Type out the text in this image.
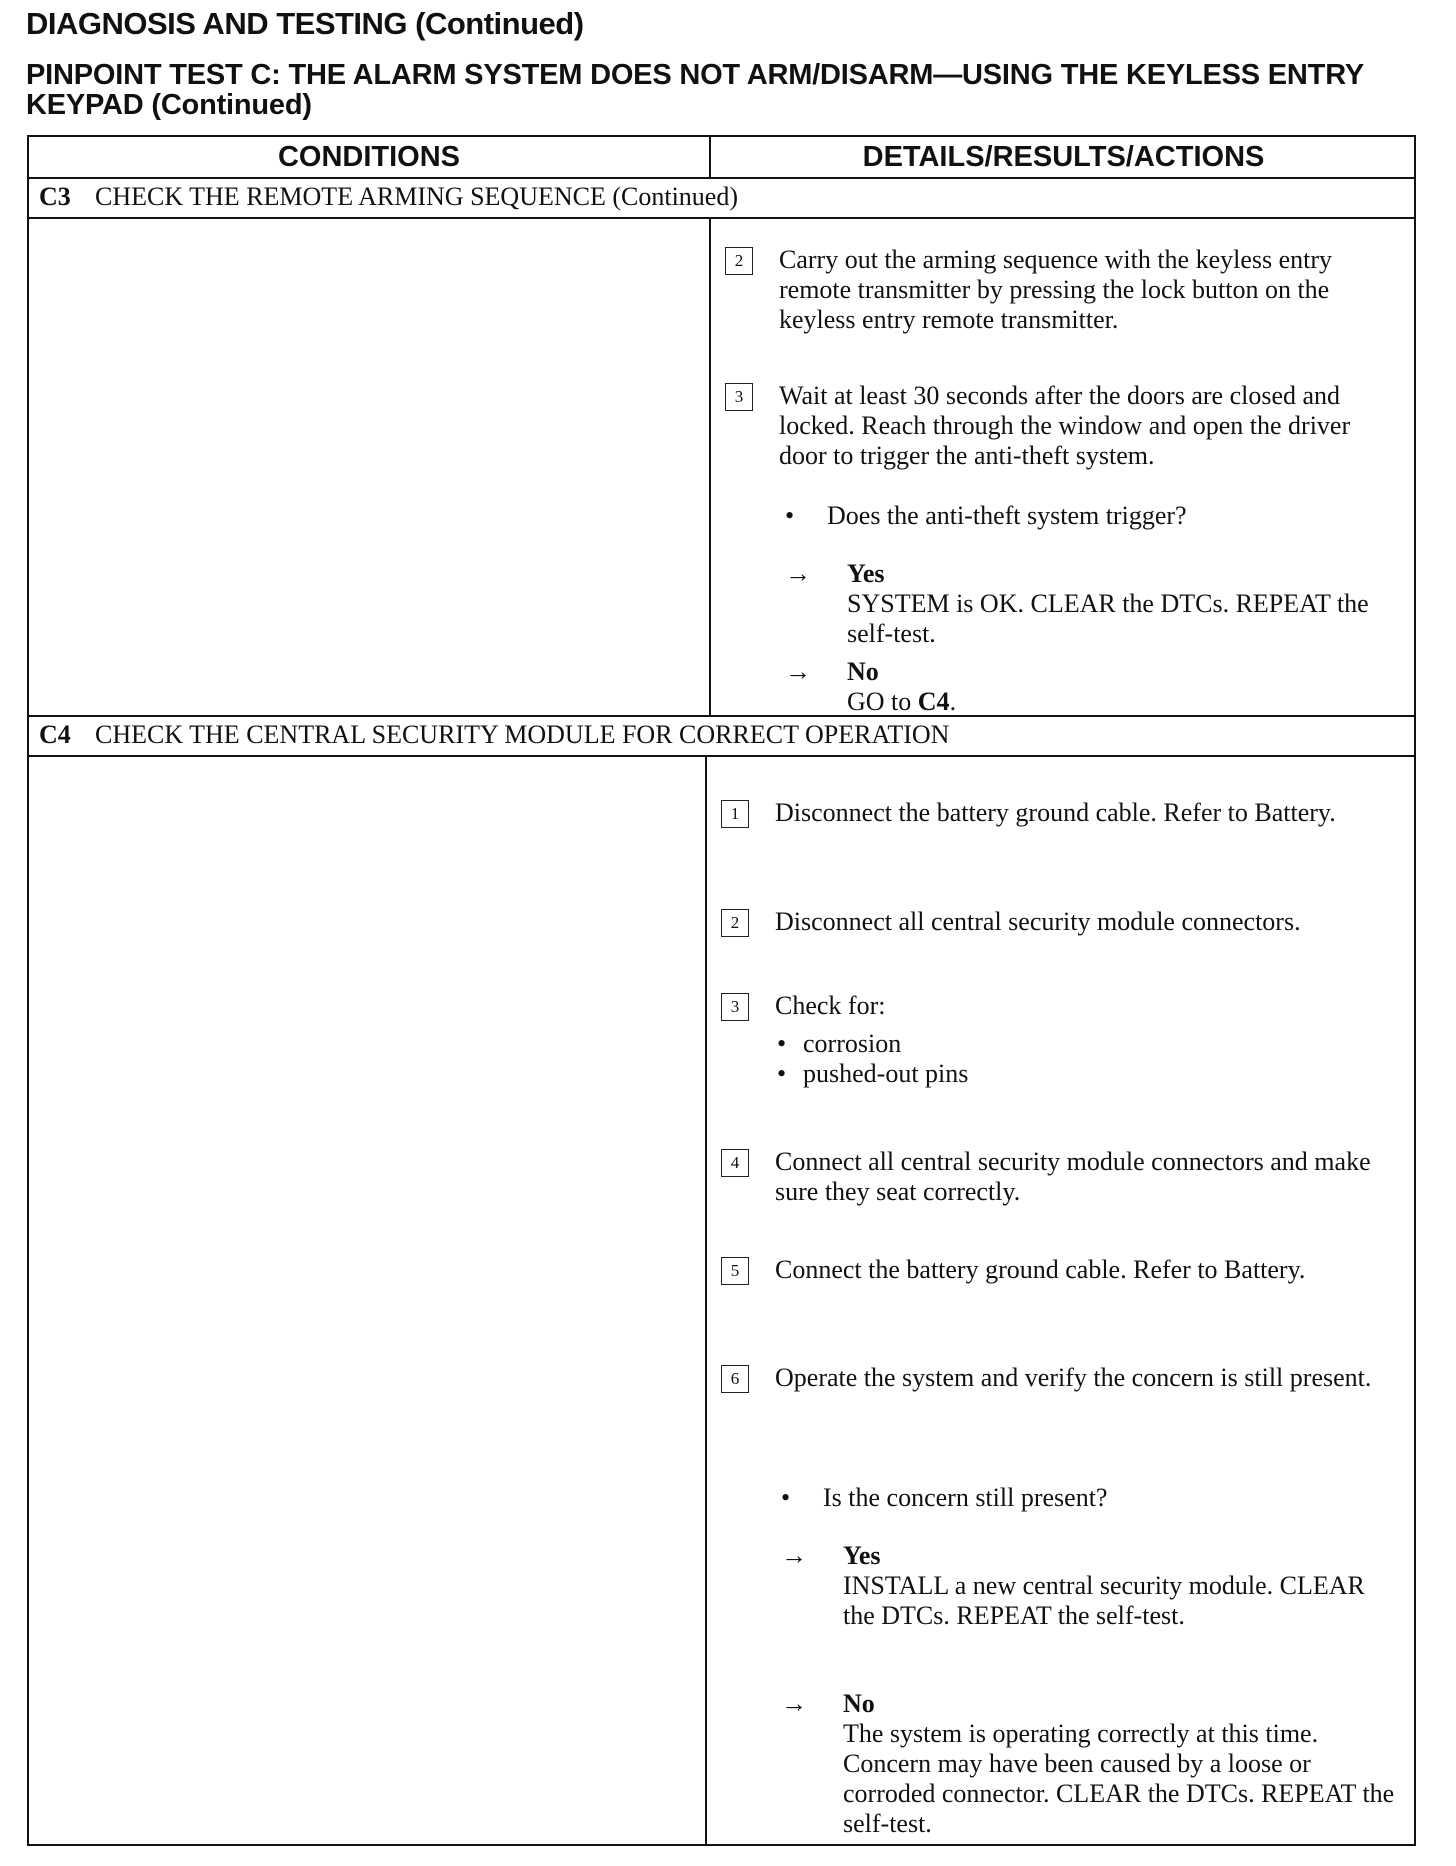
DIAGNOSIS AND TESTING (Continued)
PINPOINT TEST C: THE ALARM SYSTEM DOES NOT ARM/DISARM—USING THE KEYLESS ENTRY KEYPAD (Continued)
CONDITIONS	DETAILS/RESULTS/ACTIONS
C3 CHECK THE REMOTE ARMING SEQUENCE (Continued)
2	Carry out the arming sequence with the keyless entry remote transmitter by pressing the lock button on the keyless entry remote transmitter.
3	Wait at least 30 seconds after the doors are closed and locked. Reach through the window and open the driver door to trigger the anti-theft system.
Does the anti-theft system trigger?
→ Yes
SYSTEM is OK. CLEAR the DTCs. REPEAT the self-test.
→ No
GO to C4.
C4 CHECK THE CENTRAL SECURITY MODULE FOR CORRECT OPERATION
1	Disconnect the battery ground cable. Refer to Battery.
2	Disconnect all central security module connectors.
3	Check for:
• corrosion
• pushed-out pins
4	Connect all central security module connectors and make sure they seat correctly.
5	Connect the battery ground cable. Refer to Battery.
6	Operate the system and verify the concern is still present.
Is the concern still present?
→ Yes
INSTALL a new central security module. CLEAR the DTCs. REPEAT the self-test.
→ No
The system is operating correctly at this time. Concern may have been caused by a loose or corroded connector. CLEAR the DTCs. REPEAT the self-test.
